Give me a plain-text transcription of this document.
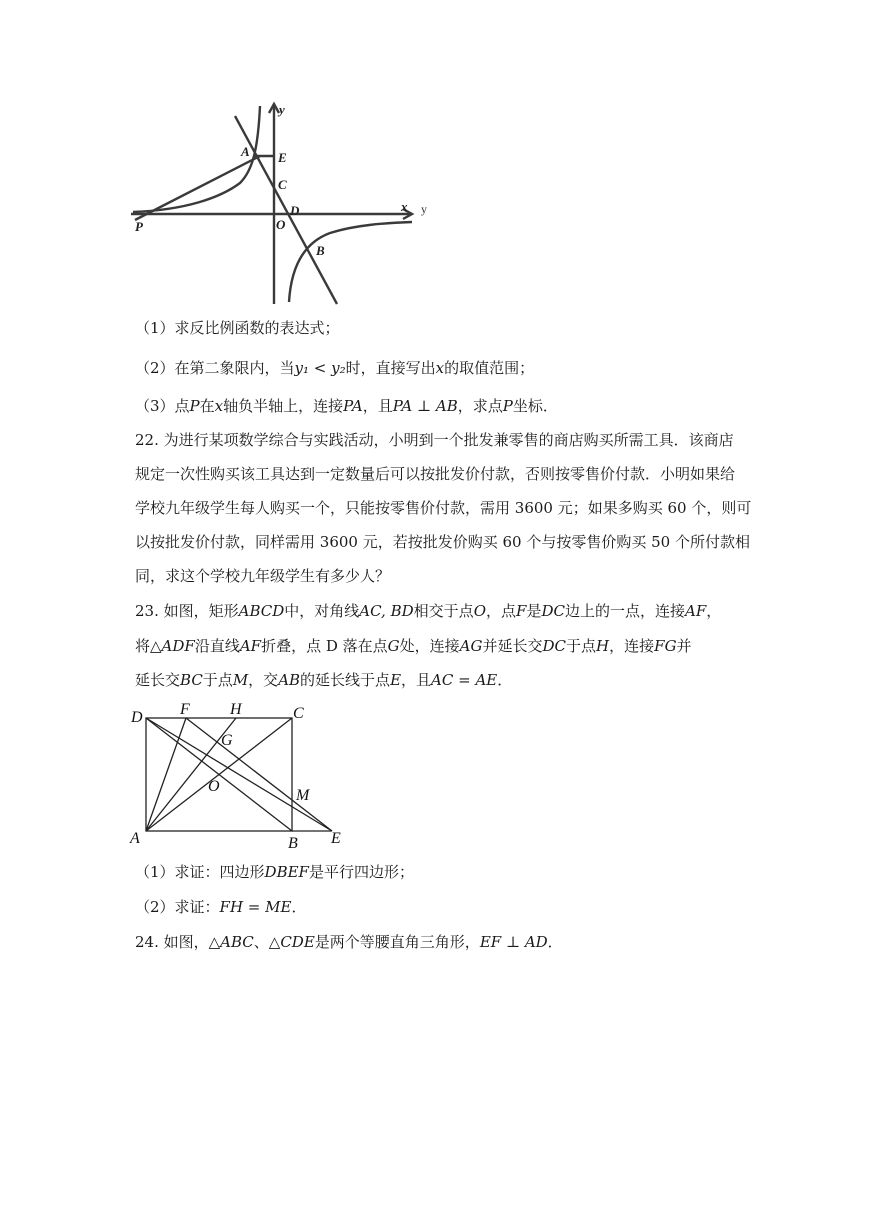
A E
C
D
O
P
B
x
y
y
（1）求反比例函数的表达式；
（2）在第二象限内，当y₁ < y₂时，直接写出x的取值范围；
（3）点P在x轴负半轴上，连接PA，且PA ⊥ AB，求点P坐标．
22. 为进行某项数学综合与实践活动，小明到一个批发兼零售的商店购买所需工具．该商店
规定一次性购买该工具达到一定数量后可以按批发价付款，否则按零售价付款．小明如果给
学校九年级学生每人购买一个，只能按零售价付款，需用 3600 元；如果多购买 60 个，则可
以按批发价付款，同样需用 3600 元，若按批发价购买 60 个与按零售价购买 50 个所付款相
同，求这个学校九年级学生有多少人？
23. 如图，矩形ABCD中，对角线AC, BD相交于点O，点F是DC边上的一点，连接AF，
将△ADF沿直线AF折叠，点 D 落在点G处，连接AG并延长交DC于点H，连接FG并
延长交BC于点M，交AB的延长线于点E，且AC = AE．
D F	H	C
G
O
M
A	B E
（1）求证：四边形DBEF是平行四边形；
（2）求证：FH = ME．
24. 如图，△ABC、△CDE是两个等腰直角三角形，EF ⊥ AD．
